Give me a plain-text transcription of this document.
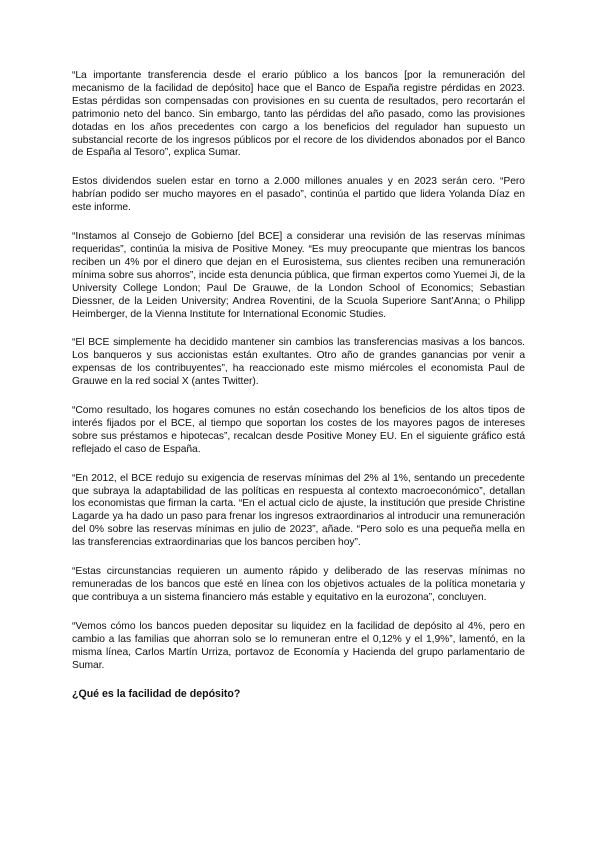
“La importante transferencia desde el erario público a los bancos [por la remuneración del mecanismo de la facilidad de depósito] hace que el Banco de España registre pérdidas en 2023. Estas pérdidas son compensadas con provisiones en su cuenta de resultados, pero recortarán el patrimonio neto del banco. Sin embargo, tanto las pérdidas del año pasado, como las provisiones dotadas en los años precedentes con cargo a los beneficios del regulador han supuesto un substancial recorte de los ingresos públicos por el recore de los dividendos abonados por el Banco de España al Tesoro”, explica Sumar.

Estos dividendos suelen estar en torno a 2.000 millones anuales y en 2023 serán cero. “Pero habrían podido ser mucho mayores en el pasado”, continúa el partido que lidera Yolanda Díaz en este informe.

“Instamos al Consejo de Gobierno [del BCE] a considerar una revisión de las reservas mínimas requeridas”, continúa la misiva de Positive Money. “Es muy preocupante que mientras los bancos reciben un 4% por el dinero que dejan en el Eurosistema, sus clientes reciben una remuneración mínima sobre sus ahorros”, incide esta denuncia pública, que firman expertos como Yuemei Ji, de la University College London; Paul De Grauwe, de la London School of Economics; Sebastian Diessner, de la Leiden University; Andrea Roventini, de la Scuola Superiore Sant’Anna; o Philipp Heimberger, de la Vienna Institute for International Economic Studies.

“El BCE simplemente ha decidido mantener sin cambios las transferencias masivas a los bancos. Los banqueros y sus accionistas están exultantes. Otro año de grandes ganancias por venir a expensas de los contribuyentes”, ha reaccionado este mismo miércoles el economista Paul de Grauwe en la red social X (antes Twitter).

“Como resultado, los hogares comunes no están cosechando los beneficios de los altos tipos de interés fijados por el BCE, al tiempo que soportan los costes de los mayores pagos de intereses sobre sus préstamos e hipotecas”, recalcan desde Positive Money EU. En el siguiente gráfico está reflejado el caso de España.

“En 2012, el BCE redujo su exigencia de reservas mínimas del 2% al 1%, sentando un precedente que subraya la adaptabilidad de las políticas en respuesta al contexto macroeconómico”, detallan los economistas que firman la carta. “En el actual ciclo de ajuste, la institución que preside Christine Lagarde ya ha dado un paso para frenar los ingresos extraordinarios al introducir una remuneración del 0% sobre las reservas mínimas en julio de 2023”, añade. “Pero solo es una pequeña mella en las transferencias extraordinarias que los bancos perciben hoy”.

“Estas circunstancias requieren un aumento rápido y deliberado de las reservas mínimas no remuneradas de los bancos que esté en línea con los objetivos actuales de la política monetaria y que contribuya a un sistema financiero más estable y equitativo en la eurozona”, concluyen.

“Vemos cómo los bancos pueden depositar su liquidez en la facilidad de depósito al 4%, pero en cambio a las familias que ahorran solo se lo remuneran entre el 0,12% y el 1,9%”, lamentó, en la misma línea, Carlos Martín Urriza, portavoz de Economía y Hacienda del grupo parlamentario de Sumar.

¿Qué es la facilidad de depósito?
